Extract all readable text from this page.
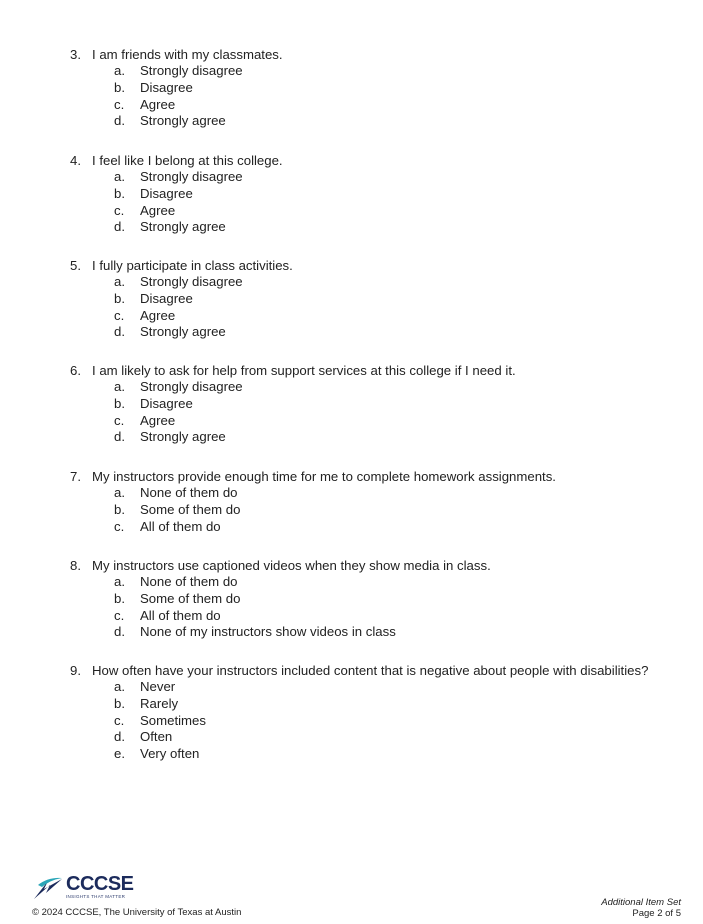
3. I am friends with my classmates.
a. Strongly disagree
b. Disagree
c. Agree
d. Strongly agree
4. I feel like I belong at this college.
a. Strongly disagree
b. Disagree
c. Agree
d. Strongly agree
5. I fully participate in class activities.
a. Strongly disagree
b. Disagree
c. Agree
d. Strongly agree
6. I am likely to ask for help from support services at this college if I need it.
a. Strongly disagree
b. Disagree
c. Agree
d. Strongly agree
7. My instructors provide enough time for me to complete homework assignments.
a. None of them do
b. Some of them do
c. All of them do
8. My instructors use captioned videos when they show media in class.
a. None of them do
b. Some of them do
c. All of them do
d. None of my instructors show videos in class
9. How often have your instructors included content that is negative about people with disabilities?
a. Never
b. Rarely
c. Sometimes
d. Often
e. Very often
CCCSE
INSIGHTS THAT MATTER
© 2024 CCCSE, The University of Texas at Austin
Additional Item Set
Page 2 of 5
